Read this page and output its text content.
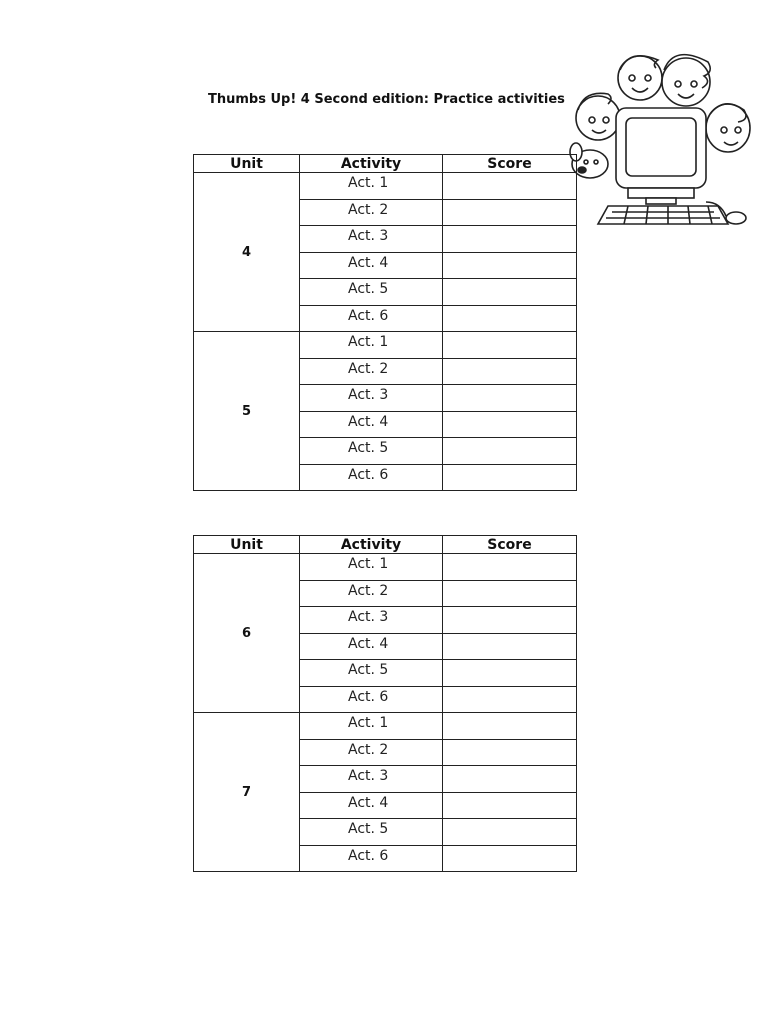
Thumbs Up! 4 Second edition: Practice activities
Unit	Activity	Score
4	Act. 1	
	Act. 2	
	Act. 3	
	Act. 4	
	Act. 5	
	Act. 6	
5	Act. 1	
	Act. 2	
	Act. 3	
	Act. 4	
	Act. 5	
	Act. 6	
Unit	Activity	Score
6	Act. 1	
	Act. 2	
	Act. 3	
	Act. 4	
	Act. 5	
	Act. 6	
7	Act. 1	
	Act. 2	
	Act. 3	
	Act. 4	
	Act. 5	
	Act. 6	
